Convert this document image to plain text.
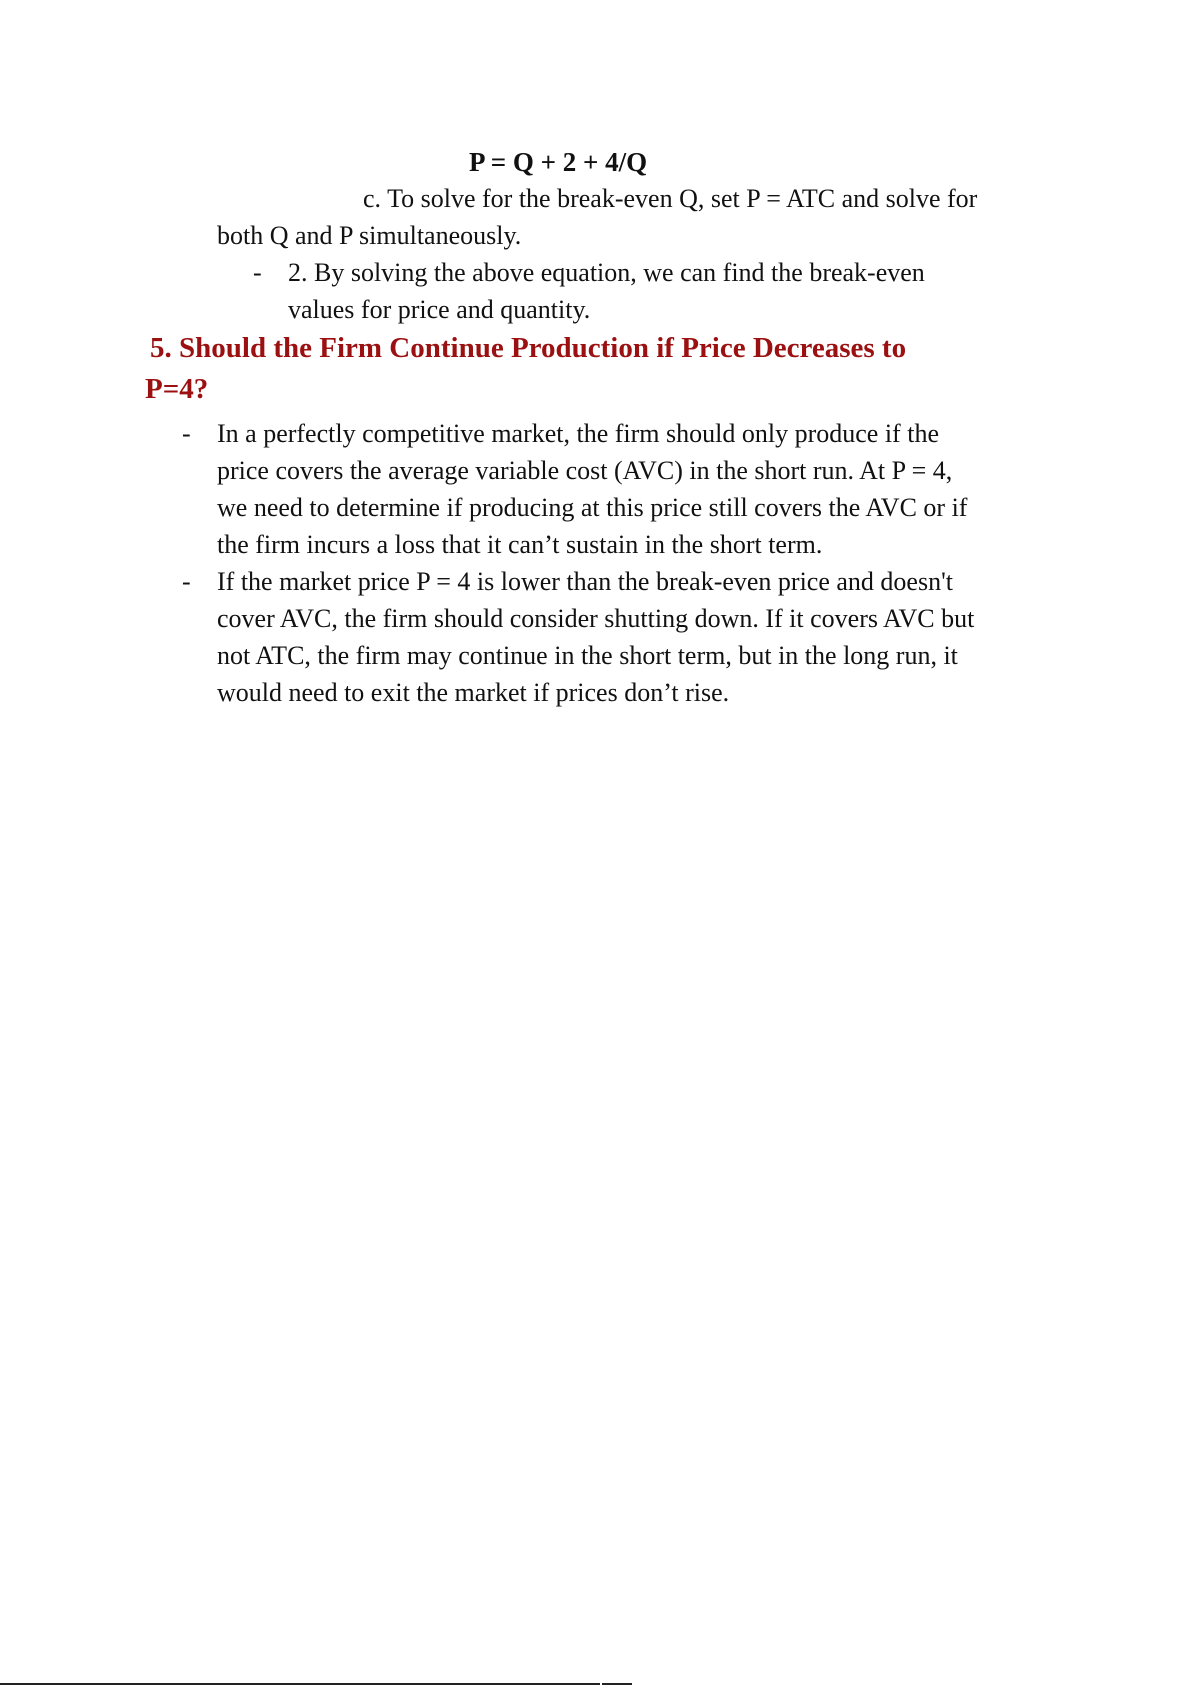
P = Q + 2 + 4/Q
c. To solve for the break-even Q, set P = ATC and solve for
both Q and P simultaneously.
- 2. By solving the above equation, we can find the break-even
values for price and quantity.
5. Should the Firm Continue Production if Price Decreases to
P=4?
- In a perfectly competitive market, the firm should only produce if the
price covers the average variable cost (AVC) in the short run. At P = 4,
we need to determine if producing at this price still covers the AVC or if
the firm incurs a loss that it can’t sustain in the short term.
- If the market price P = 4 is lower than the break-even price and doesn't
cover AVC, the firm should consider shutting down. If it covers AVC but
not ATC, the firm may continue in the short term, but in the long run, it
would need to exit the market if prices don’t rise.
